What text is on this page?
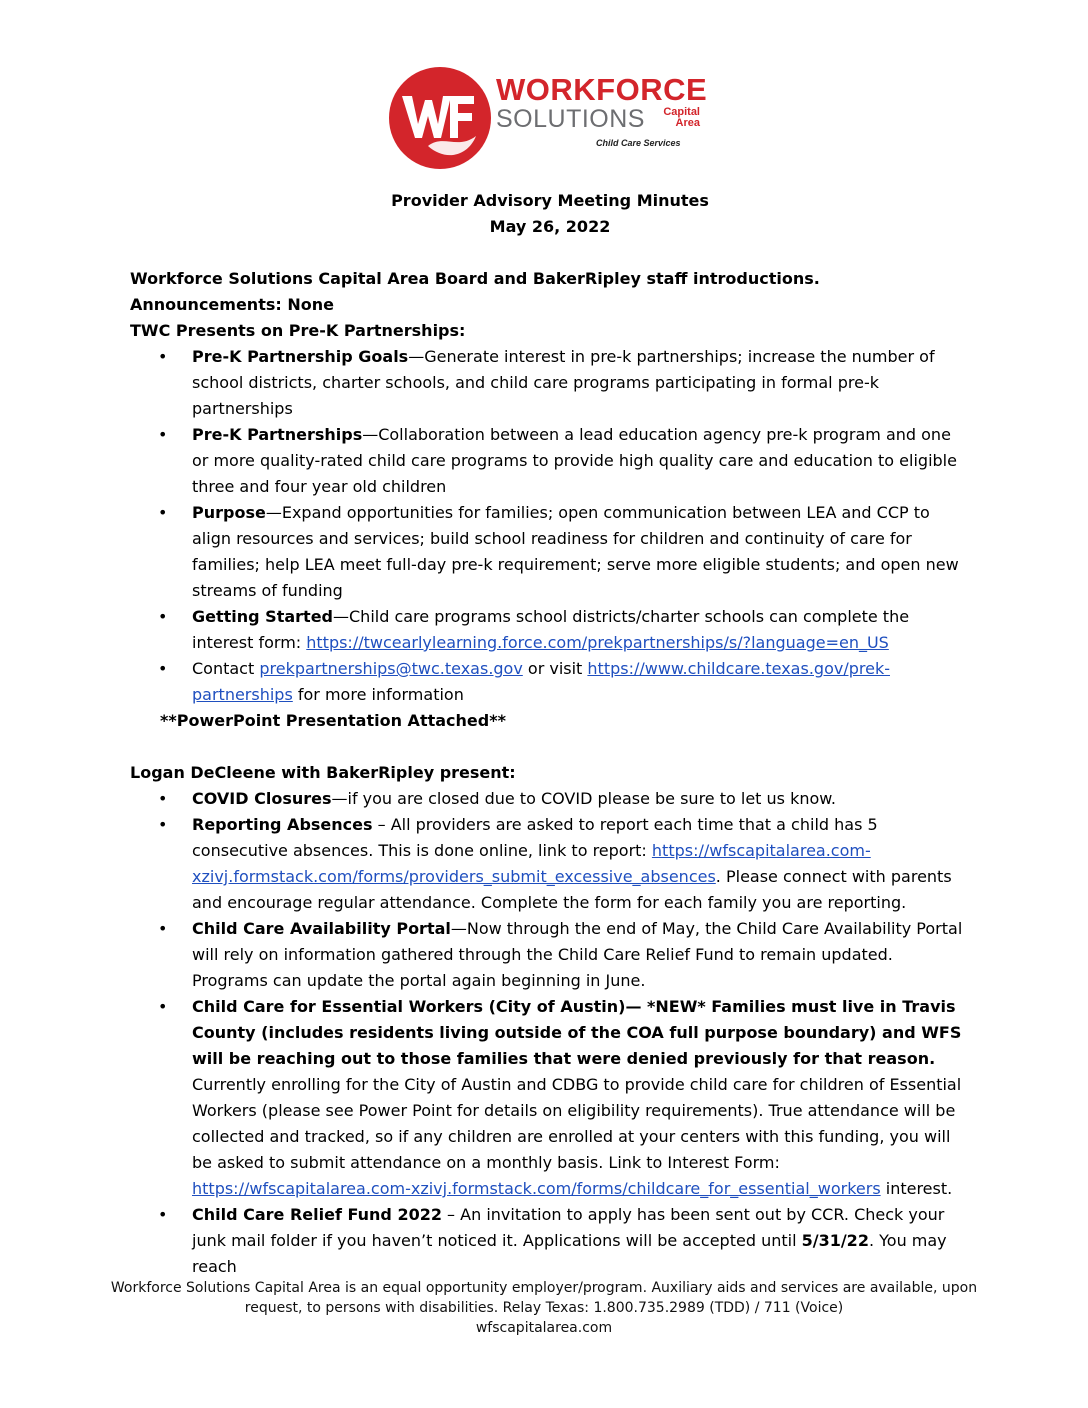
WORKFORCE
SOLUTIONS	Capital
Area
Child Care Services

Provider Advisory Meeting Minutes

May 26, 2022

Workforce Solutions Capital Area Board and BakerRipley staff introductions.

Announcements: None

TWC Presents on Pre-K Partnerships:

• Pre-K Partnership Goals—Generate interest in pre-k partnerships; increase the number of school districts, charter schools, and child care programs participating in formal pre-k partnerships
• Pre-K Partnerships—Collaboration between a lead education agency pre-k program and one or more quality-rated child care programs to provide high quality care and education to eligible three and four year old children
• Purpose—Expand opportunities for families; open communication between LEA and CCP to align resources and services; build school readiness for children and continuity of care for families; help LEA meet full-day pre-k requirement; serve more eligible students; and open new streams of funding
• Getting Started—Child care programs school districts/charter schools can complete the interest form: https://twcearlylearning.force.com/prekpartnerships/s/?language=en_US
• Contact prekpartnerships@twc.texas.gov or visit https://www.childcare.texas.gov/prek-partnerships for more information

**PowerPoint Presentation Attached**

Logan DeCleene with BakerRipley present:

• COVID Closures—if you are closed due to COVID please be sure to let us know.
• Reporting Absences – All providers are asked to report each time that a child has 5 consecutive absences. This is done online, link to report: https://wfscapitalarea.com-xzivj.formstack.com/forms/providers_submit_excessive_absences. Please connect with parents and encourage regular attendance. Complete the form for each family you are reporting.
• Child Care Availability Portal—Now through the end of May, the Child Care Availability Portal will rely on information gathered through the Child Care Relief Fund to remain updated. Programs can update the portal again beginning in June.
• Child Care for Essential Workers (City of Austin)— *NEW* Families must live in Travis County (includes residents living outside of the COA full purpose boundary) and WFS will be reaching out to those families that were denied previously for that reason. Currently enrolling for the City of Austin and CDBG to provide child care for children of Essential Workers (please see Power Point for details on eligibility requirements). True attendance will be collected and tracked, so if any children are enrolled at your centers with this funding, you will be asked to submit attendance on a monthly basis. Link to Interest Form: https://wfscapitalarea.com-xzivj.formstack.com/forms/childcare_for_essential_workers interest.
• Child Care Relief Fund 2022 – An invitation to apply has been sent out by CCR. Check your junk mail folder if you haven’t noticed it. Applications will be accepted until 5/31/22. You may reach
Workforce Solutions Capital Area is an equal opportunity employer/program. Auxiliary aids and services are available, upon request, to persons with disabilities. Relay Texas: 1.800.735.2989 (TDD) / 711 (Voice)
wfscapitalarea.com
